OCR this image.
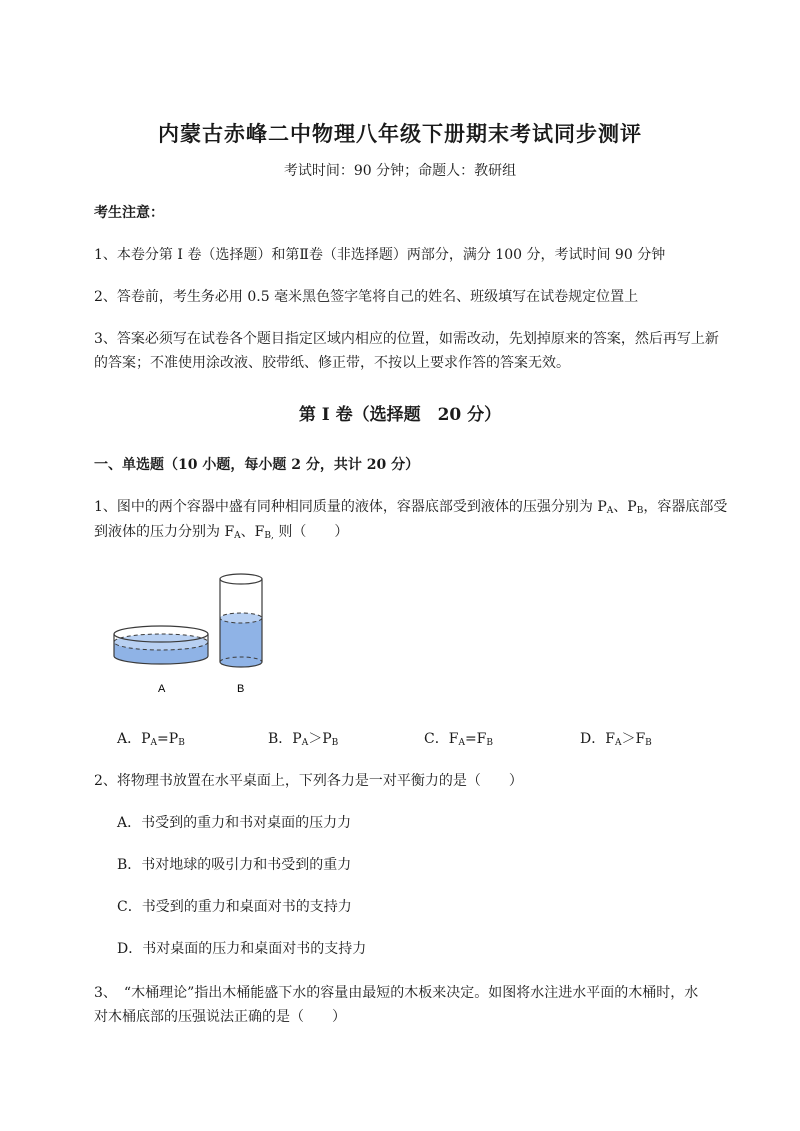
内蒙古赤峰二中物理八年级下册期末考试同步测评
考试时间：90 分钟；命题人：教研组
考生注意：
1、本卷分第 I 卷（选择题）和第Ⅱ卷（非选择题）两部分，满分 100 分，考试时间 90 分钟
2、答卷前，考生务必用 0.5 毫米黑色签字笔将自己的姓名、班级填写在试卷规定位置上
3、答案必须写在试卷各个题目指定区域内相应的位置，如需改动，先划掉原来的答案，然后再写上新
的答案；不准使用涂改液、胶带纸、修正带，不按以上要求作答的答案无效。
第 I 卷（选择题　20 分）
一、单选题（10 小题，每小题 2 分，共计 20 分）
1、图中的两个容器中盛有同种相同质量的液体，容器底部受到液体的压强分别为 $P_A$、$P_B$，容器底部受
到液体的压力分别为 $F_A$、$F_{B,}$ 则（　　）
A	B
A．$P_A=P_B$	B．$P_A>P_B$	C．$F_A=F_B$	D．$F_A>F_B$
2、将物理书放置在水平桌面上，下列各力是一对平衡力的是（　　）
A．书受到的重力和书对桌面的压力力
B．书对地球的吸引力和书受到的重力
C．书受到的重力和桌面对书的支持力
D．书对桌面的压力和桌面对书的支持力
3、　“木桶理论”指出木桶能盛下水的容量由最短的木板来决定。如图将水注进水平面的木桶时，水
对木桶底部的压强说法正确的是（　　）
